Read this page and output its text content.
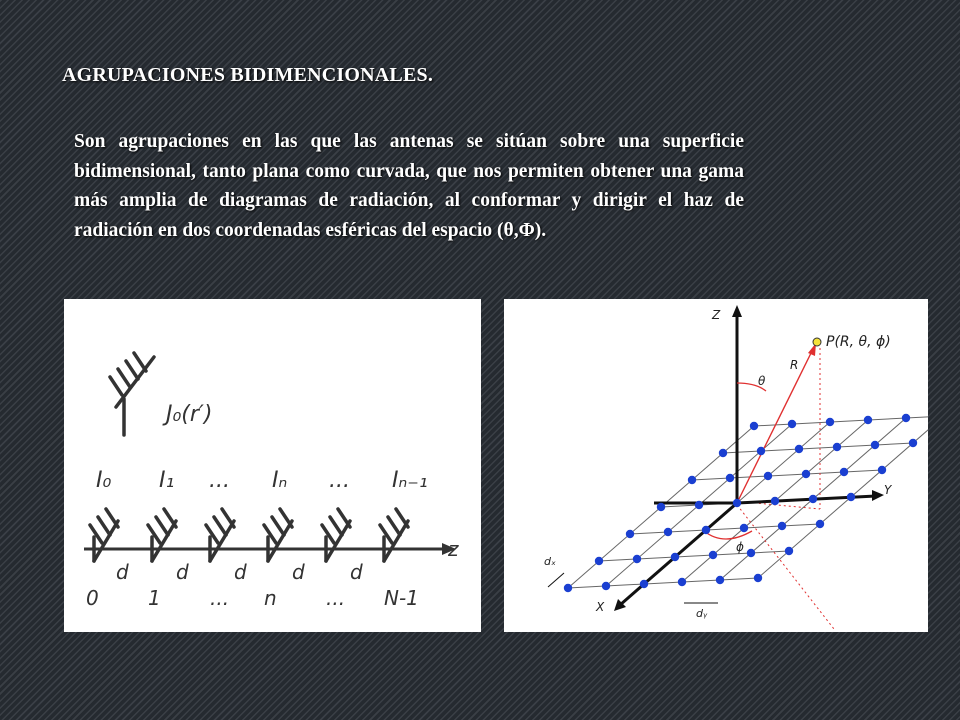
AGRUPACIONES BIDIMENCIONALES.
Son agrupaciones en las que las antenas se sitúan sobre una superficie bidimensional, tanto plana como curvada, que nos permiten obtener una gama más amplia de diagramas de radiación, al conformar y dirigir el haz de radiación en dos coordenadas esféricas del espacio (θ,Φ).
J₀(r′)
I₀ I₁ ... Iₙ ... Iₙ₋₁
z
d d d d d
0 1 ... n ... N-1
P(R, θ, ϕ)
Z
Y
X
R
θ
ϕ
dₓ
dᵧ
